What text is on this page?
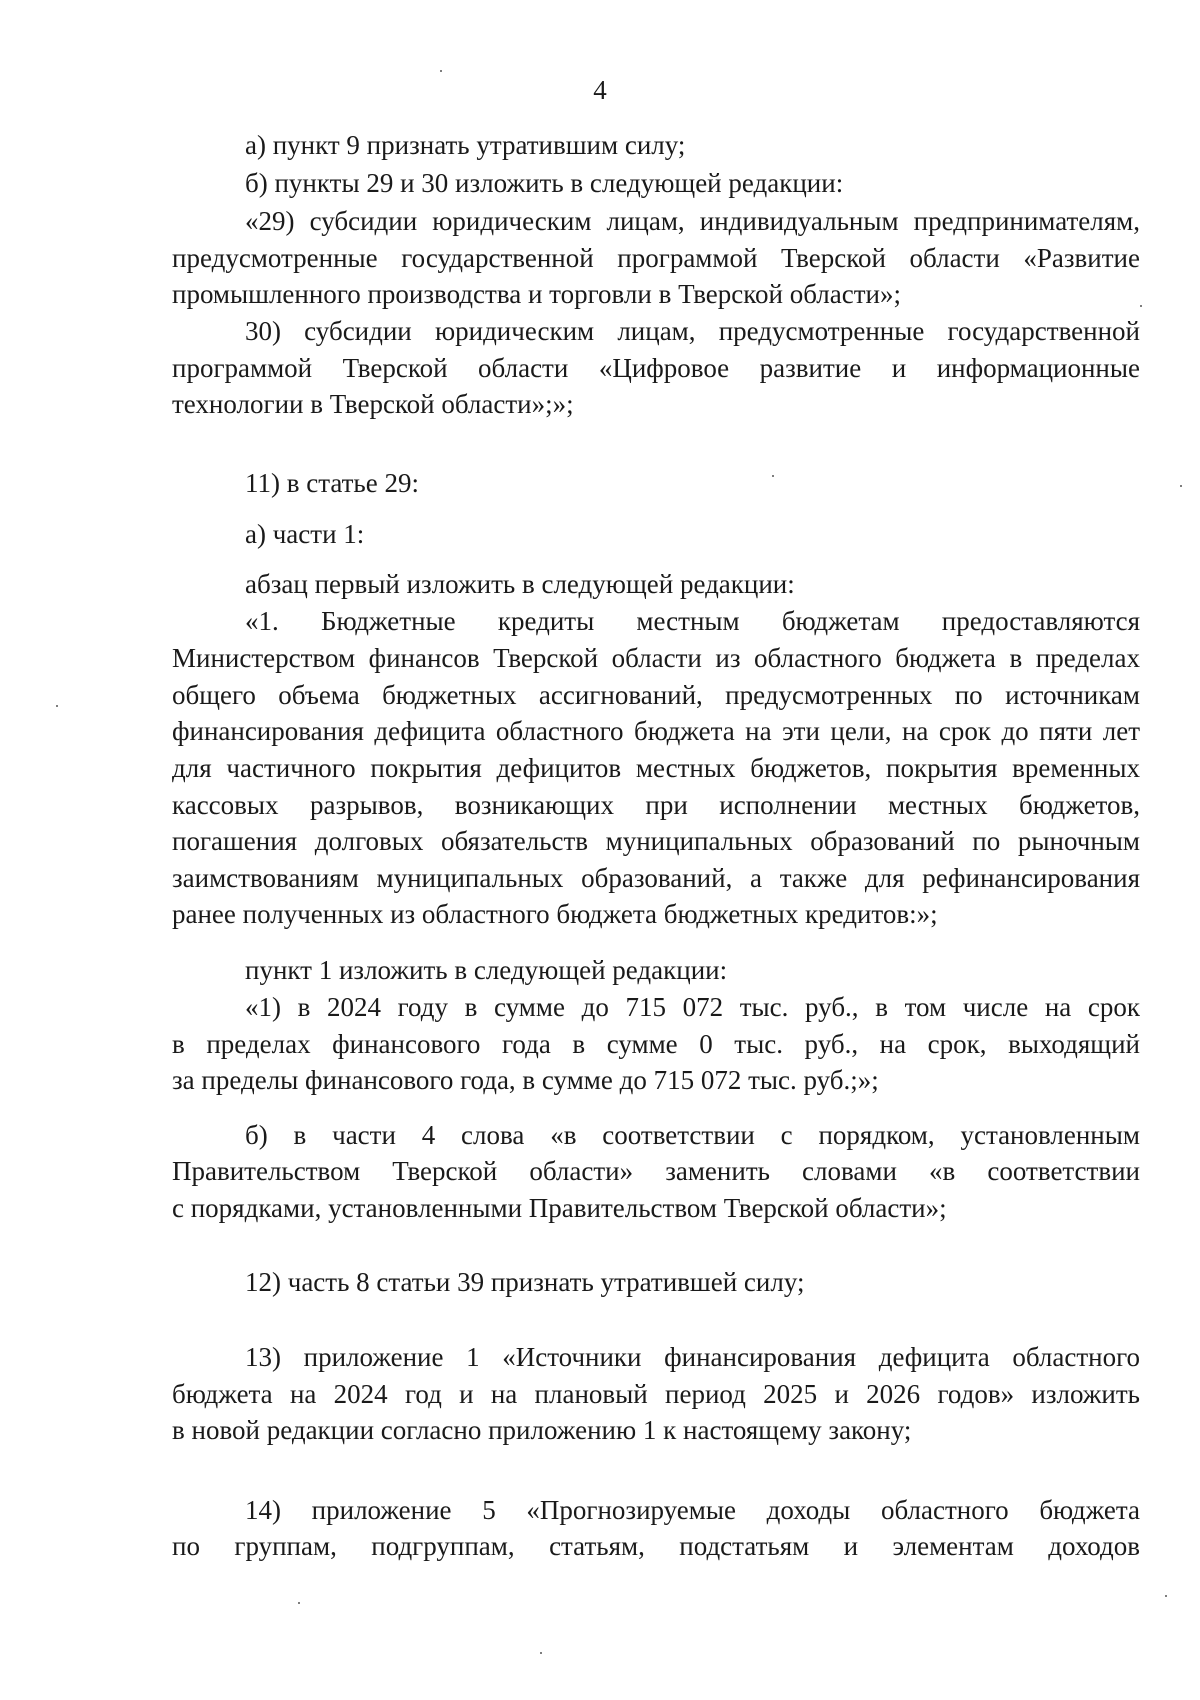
4
а) пункт 9 признать утратившим силу;
б) пункты 29 и 30 изложить в следующей редакции:
«29) субсидии юридическим лицам, индивидуальным предпринимателям,
предусмотренные государственной программой Тверской области «Развитие
промышленного производства и торговли в Тверской области»;
30) субсидии юридическим лицам, предусмотренные государственной
программой Тверской области «Цифровое развитие и информационные
технологии в Тверской области»;»;
11) в статье 29:
а) части 1:
абзац первый изложить в следующей редакции:
«1. Бюджетные кредиты местным бюджетам предоставляются
Министерством финансов Тверской области из областного бюджета в пределах
общего объема бюджетных ассигнований, предусмотренных по источникам
финансирования дефицита областного бюджета на эти цели, на срок до пяти лет
для частичного покрытия дефицитов местных бюджетов, покрытия временных
кассовых разрывов, возникающих при исполнении местных бюджетов,
погашения долговых обязательств муниципальных образований по рыночным
заимствованиям муниципальных образований, а также для рефинансирования
ранее полученных из областного бюджета бюджетных кредитов:»;
пункт 1 изложить в следующей редакции:
«1) в 2024 году в сумме до 715 072 тыс. руб., в том числе на срок
в пределах финансового года в сумме 0 тыс. руб., на срок, выходящий
за пределы финансового года, в сумме до 715 072 тыс. руб.;»;
б) в части 4 слова «в соответствии с порядком, установленным
Правительством Тверской области» заменить словами «в соответствии
с порядками, установленными Правительством Тверской области»;
12) часть 8 статьи 39 признать утратившей силу;
13) приложение 1 «Источники финансирования дефицита областного
бюджета на 2024 год и на плановый период 2025 и 2026 годов» изложить
в новой редакции согласно приложению 1 к настоящему закону;
14) приложение 5 «Прогнозируемые доходы областного бюджета
по группам, подгруппам, статьям, подстатьям и элементам доходов
